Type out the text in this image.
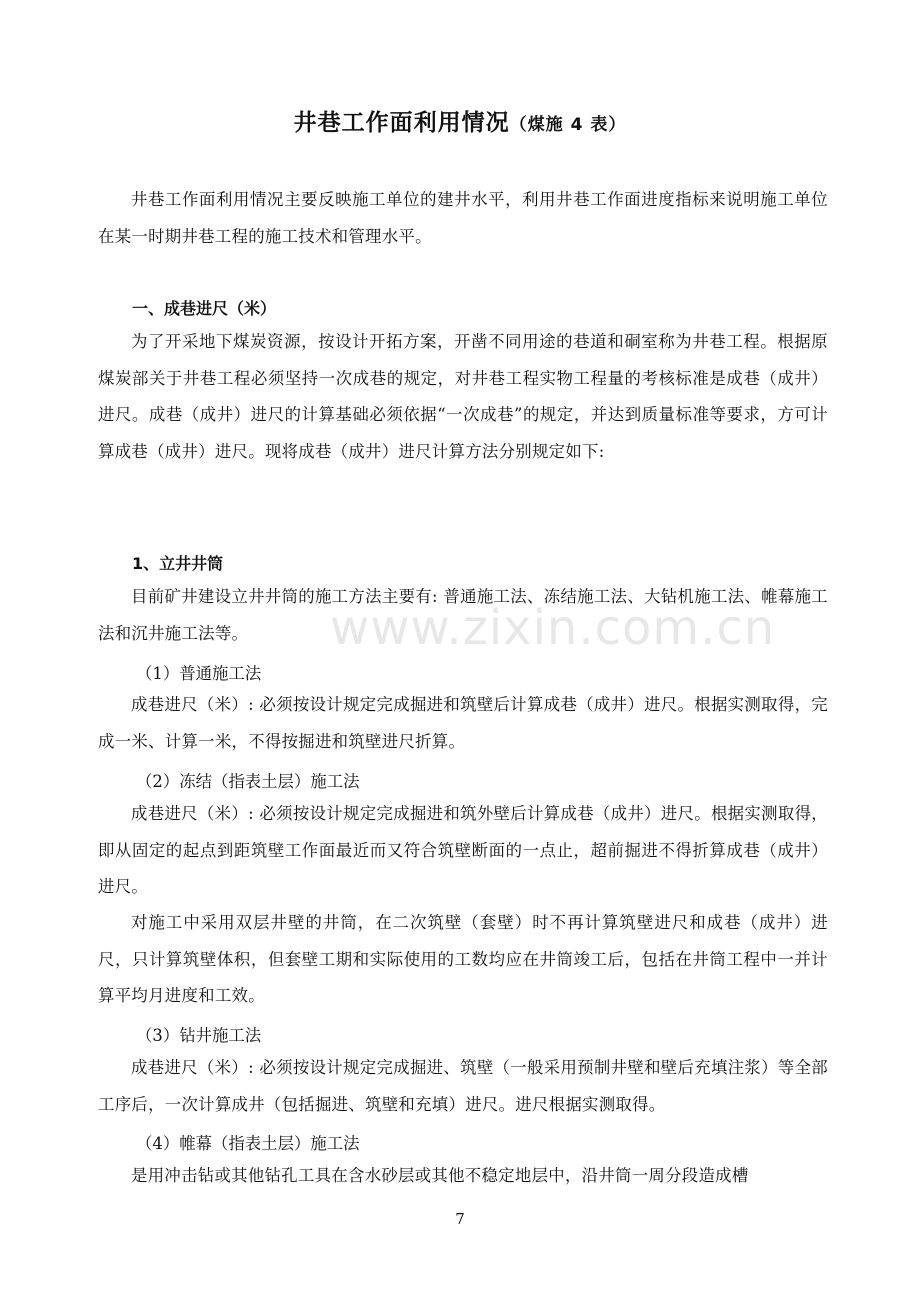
www.zixin.com.cn
井巷工作面利用情况（煤施 4 表）

井巷工作面利用情况主要反映施工单位的建井水平，利用井巷工作面进度指标来说明施工单位在某一时期井巷工程的施工技术和管理水平。

一、成巷进尺（米）

为了开采地下煤炭资源，按设计开拓方案，开凿不同用途的巷道和硐室称为井巷工程。根据原煤炭部关于井巷工程必须坚持一次成巷的规定，对井巷工程实物工程量的考核标准是成巷（成井）进尺。成巷（成井）进尺的计算基础必须依据“一次成巷”的规定，并达到质量标准等要求，方可计算成巷（成井）进尺。现将成巷（成井）进尺计算方法分别规定如下:

1、立井井筒

目前矿井建设立井井筒的施工方法主要有: 普通施工法、冻结施工法、大钻机施工法、帷幕施工法和沉井施工法等。

（1）普通施工法

成巷进尺（米）: 必须按设计规定完成掘进和筑壁后计算成巷（成井）进尺。根据实测取得，完成一米、计算一米，不得按掘进和筑壁进尺折算。

（2）冻结（指表土层）施工法

成巷进尺（米）: 必须按设计规定完成掘进和筑外壁后计算成巷（成井）进尺。根据实测取得，即从固定的起点到距筑壁工作面最近而又符合筑壁断面的一点止，超前掘进不得折算成巷（成井）进尺。

对施工中采用双层井壁的井筒，在二次筑壁（套壁）时不再计算筑壁进尺和成巷（成井）进尺，只计算筑壁体积，但套壁工期和实际使用的工数均应在井筒竣工后，包括在井筒工程中一并计算平均月进度和工效。

（3）钻井施工法

成巷进尺（米）: 必须按设计规定完成掘进、筑壁（一般采用预制井壁和壁后充填注浆）等全部工序后，一次计算成井（包括掘进、筑壁和充填）进尺。进尺根据实测取得。

（4）帷幕（指表土层）施工法

是用冲击钻或其他钻孔工具在含水砂层或其他不稳定地层中，沿井筒一周分段造成槽

7
